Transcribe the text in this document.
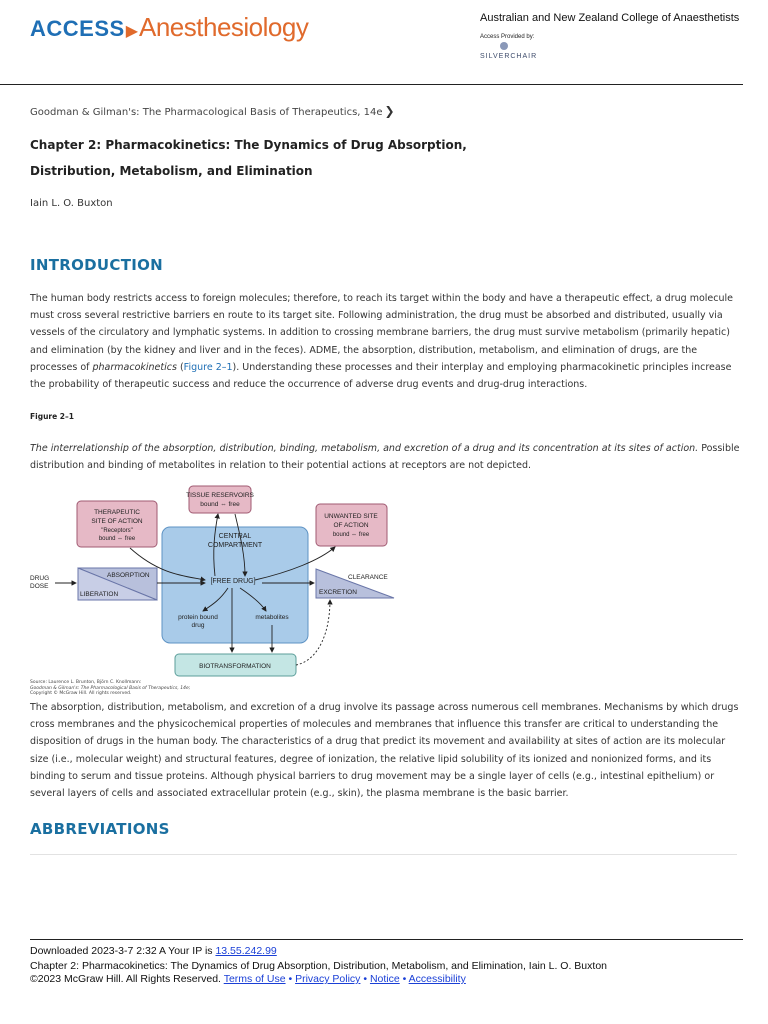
ACCESS▶Anesthesiology	Australian and New Zealand College of Anaesthetists
Access Provided by:
SILVERCHAIR
Goodman & Gilman's: The Pharmacological Basis of Therapeutics, 14e ❯
Chapter 2: Pharmacokinetics: The Dynamics of Drug Absorption, Distribution, Metabolism, and Elimination
Iain L. O. Buxton
INTRODUCTION
The human body restricts access to foreign molecules; therefore, to reach its target within the body and have a therapeutic effect, a drug molecule must cross several restrictive barriers en route to its target site. Following administration, the drug must be absorbed and distributed, usually via vessels of the circulatory and lymphatic systems. In addition to crossing membrane barriers, the drug must survive metabolism (primarily hepatic) and elimination (by the kidney and liver and in the feces). ADME, the absorption, distribution, metabolism, and elimination of drugs, are the processes of pharmacokinetics (Figure 2–1). Understanding these processes and their interplay and employing pharmacokinetic principles increase the probability of therapeutic success and reduce the occurrence of adverse drug events and drug-drug interactions.
Figure 2–1
The interrelationship of the absorption, distribution, binding, metabolism, and excretion of a drug and its concentration at its sites of action. Possible distribution and binding of metabolites in relation to their potential actions at receptors are not depicted.
CENTRAL
COMPARTMENT
[FREE DRUG]
protein bound
drug
metabolites
TISSUE RESERVOIRS
bound ⇔ free
THERAPEUTIC
SITE OF ACTION
"Receptors"
bound ⇔ free
UNWANTED SITE
OF ACTION
bound ⇔ free
ABSORPTION
LIBERATION
DRUG
DOSE
CLEARANCE
EXCRETION
BIOTRANSFORMATION
Source: Laurence L. Brunton, Björn C. Knollmann:
Goodman & Gilman's: The Pharmacological Basis of Therapeutics, 14e;
Copyright © McGraw Hill. All rights reserved.
The absorption, distribution, metabolism, and excretion of a drug involve its passage across numerous cell membranes. Mechanisms by which drugs cross membranes and the physicochemical properties of molecules and membranes that influence this transfer are critical to understanding the disposition of drugs in the human body. The characteristics of a drug that predict its movement and availability at sites of action are its molecular size (i.e., molecular weight) and structural features, degree of ionization, the relative lipid solubility of its ionized and nonionized forms, and its binding to serum and tissue proteins. Although physical barriers to drug movement may be a single layer of cells (e.g., intestinal epithelium) or several layers of cells and associated extracellular protein (e.g., skin), the plasma membrane is the basic barrier.
ABBREVIATIONS
Downloaded 2023-3-7 2:32 A Your IP is 13.55.242.99
Chapter 2: Pharmacokinetics: The Dynamics of Drug Absorption, Distribution, Metabolism, and Elimination, Iain L. O. Buxton
©2023 McGraw Hill. All Rights Reserved. Terms of Use • Privacy Policy • Notice • Accessibility
